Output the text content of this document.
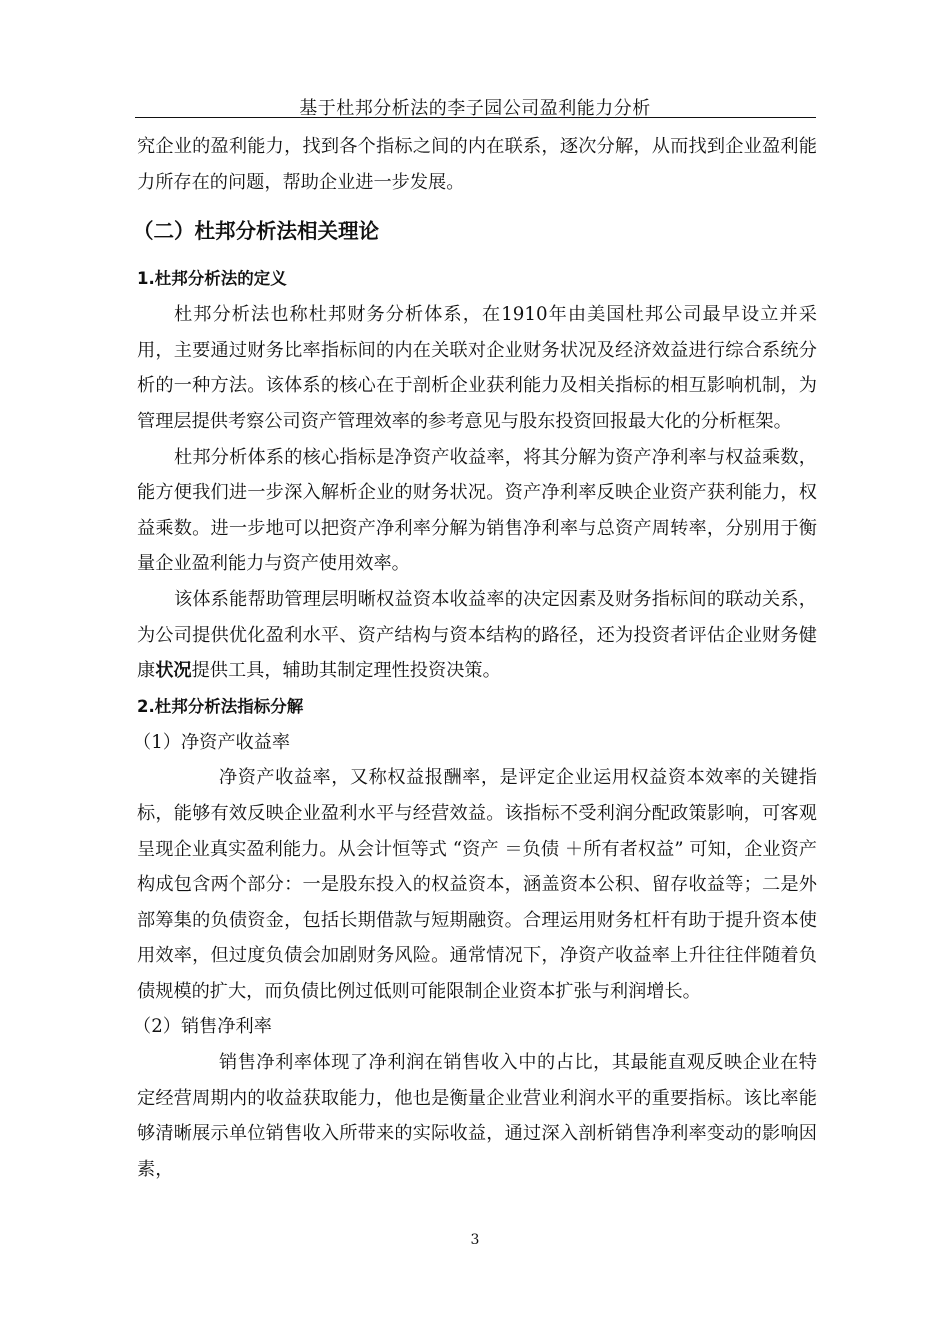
基于杜邦分析法的李子园公司盈利能力分析

究企业的盈利能力，找到各个指标之间的内在联系，逐次分解，从而找到企业盈利能力所存在的问题，帮助企业进一步发展。

（二）杜邦分析法相关理论

1.杜邦分析法的定义

杜邦分析法也称杜邦财务分析体系，在1910年由美国杜邦公司最早设立并采用，主要通过财务比率指标间的内在关联对企业财务状况及经济效益进行综合系统分析的一种方法。该体系的核心在于剖析企业获利能力及相关指标的相互影响机制，为管理层提供考察公司资产管理效率的参考意见与股东投资回报最大化的分析框架。

杜邦分析体系的核心指标是净资产收益率，将其分解为资产净利率与权益乘数，能方便我们进一步深入解析企业的财务状况。资产净利率反映企业资产获利能力，权益乘数。进一步地可以把资产净利率分解为销售净利率与总资产周转率，分别用于衡量企业盈利能力与资产使用效率。

该体系能帮助管理层明晰权益资本收益率的决定因素及财务指标间的联动关系，为公司提供优化盈利水平、资产结构与资本结构的路径，还为投资者评估企业财务健康状况提供工具，辅助其制定理性投资决策。

2.杜邦分析法指标分解

（1）净资产收益率

净资产收益率，又称权益报酬率，是评定企业运用权益资本效率的关键指标，能够有效反映企业盈利水平与经营效益。该指标不受利润分配政策影响，可客观呈现企业真实盈利能力。从会计恒等式 “资产 ＝负债 ＋所有者权益” 可知，企业资产构成包含两个部分：一是股东投入的权益资本，涵盖资本公积、留存收益等；二是外部筹集的负债资金，包括长期借款与短期融资。合理运用财务杠杆有助于提升资本使用效率，但过度负债会加剧财务风险。通常情况下，净资产收益率上升往往伴随着负债规模的扩大，而负债比例过低则可能限制企业资本扩张与利润增长。

（2）销售净利率

销售净利率体现了净利润在销售收入中的占比，其最能直观反映企业在特定经营周期内的收益获取能力，他也是衡量企业营业利润水平的重要指标。该比率能够清晰展示单位销售收入所带来的实际收益，通过深入剖析销售净利率变动的影响因素，

3
